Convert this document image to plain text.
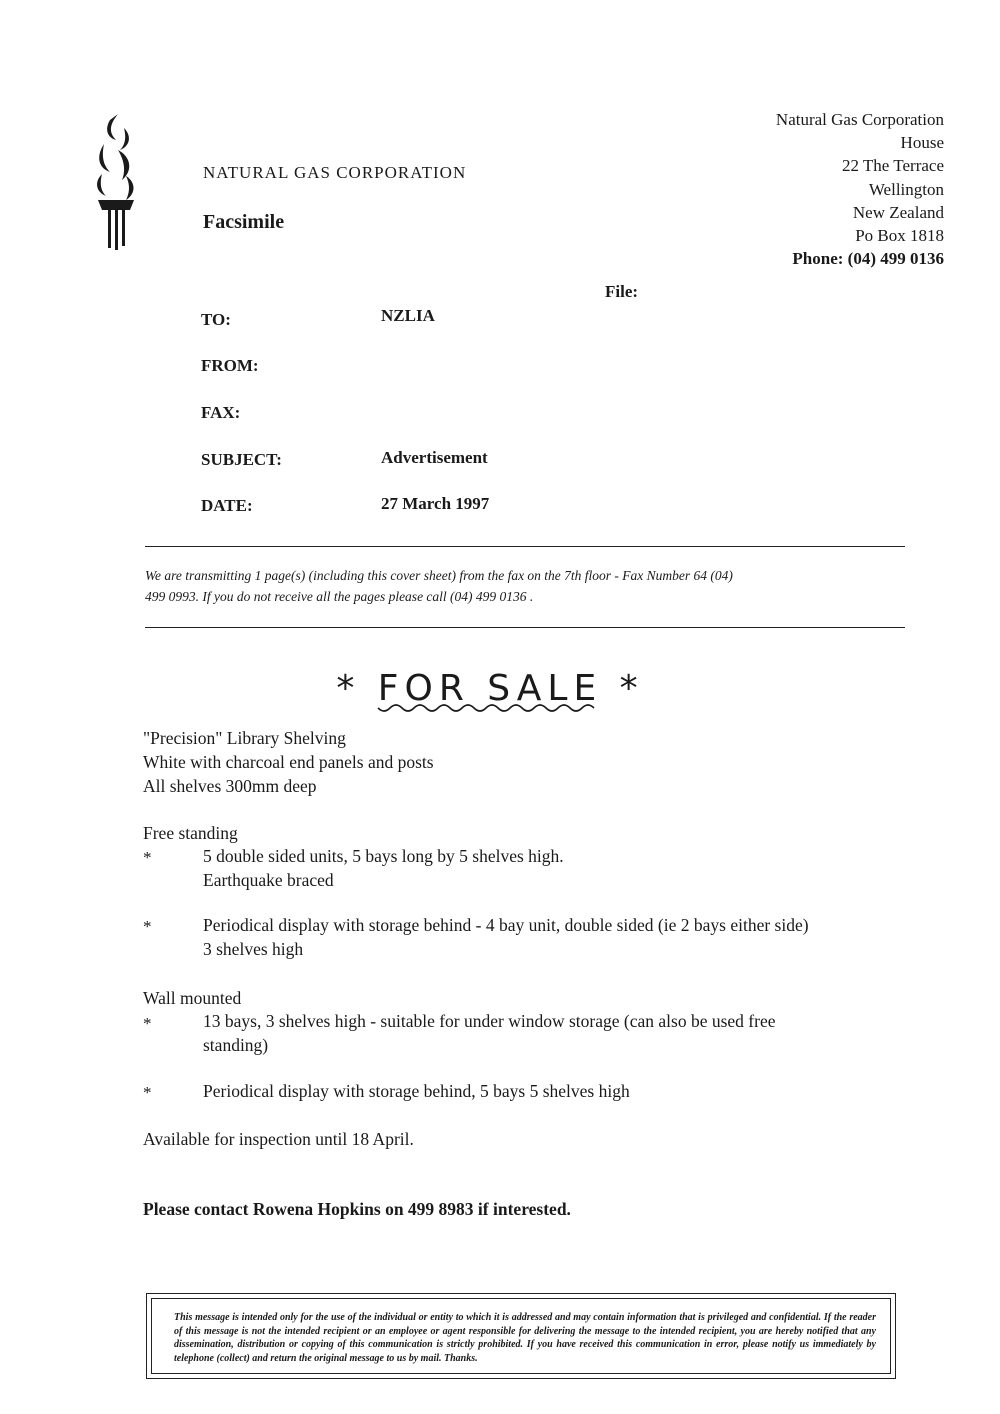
NATURAL GAS CORPORATION
Facsimile
Natural Gas Corporation
House
22 The Terrace
Wellington
New Zealand
Po Box 1818
Phone: (04) 499 0136
File:
TO:	NZLIA
FROM:
FAX:
SUBJECT:	Advertisement
DATE:	27 March 1997
We are transmitting 1 page(s) (including this cover sheet) from the fax on the 7th floor - Fax Number 64 (04)
499 0993. If you do not receive all the pages please call (04) 499 0136 .
* FOR SALE *
"Precision" Library Shelving
White with charcoal end panels and posts
All shelves 300mm deep
Free standing
*	5 double sided units, 5 bays long by 5 shelves high.
Earthquake braced
*	Periodical display with storage behind - 4 bay unit, double sided (ie 2 bays either side)
3 shelves high
Wall mounted
*	13 bays, 3 shelves high - suitable for under window storage (can also be used free
standing)
*	Periodical display with storage behind, 5 bays 5 shelves high
Available for inspection until 18 April.
Please contact Rowena Hopkins on 499 8983 if interested.
This message is intended only for the use of the individual or entity to which it is addressed and may contain information that is privileged and confidential. If the reader of this message is not the intended recipient or an employee or agent responsible for delivering the message to the intended recipient, you are hereby notified that any dissemination, distribution or copying of this communication is strictly prohibited. If you have received this communication in error, please notify us immediately by telephone (collect) and return the original message to us by mail. Thanks.
